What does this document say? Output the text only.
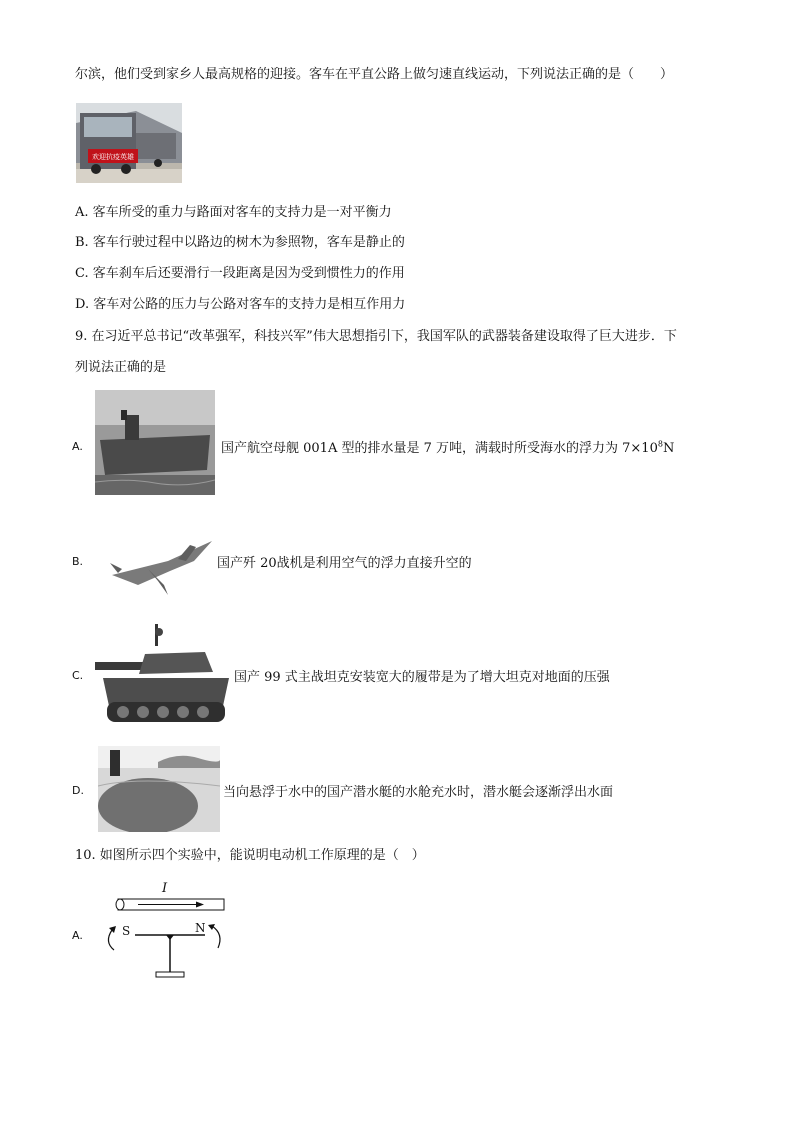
尔滨，他们受到家乡人最高规格的迎接。客车在平直公路上做匀速直线运动，下列说法正确的是（　　）
欢迎抗疫英雄
A. 客车所受的重力与路面对客车的支持力是一对平衡力
B. 客车行驶过程中以路边的树木为参照物，客车是静止的
C. 客车刹车后还要滑行一段距离是因为受到惯性力的作用
D. 客车对公路的压力与公路对客车的支持力是相互作用力
9. 在习近平总书记“改革强军，科技兴军”伟大思想指引下，我国军队的武器装备建设取得了巨大进步．下
列说法正确的是
A.	国产航空母舰 001A 型的排水量是 7 万吨，满载时所受海水的浮力为 $7\times 10^8N$
B.	国产歼 20战机是利用空气的浮力直接升空的
C.	国产 99 式主战坦克安装宽大的履带是为了增大坦克对地面的压强
D.	当向悬浮于水中的国产潜水艇的水舱充水时，潜水艇会逐渐浮出水面
10. 如图所示四个实验中，能说明电动机工作原理的是（　）
A.
I
S	N
